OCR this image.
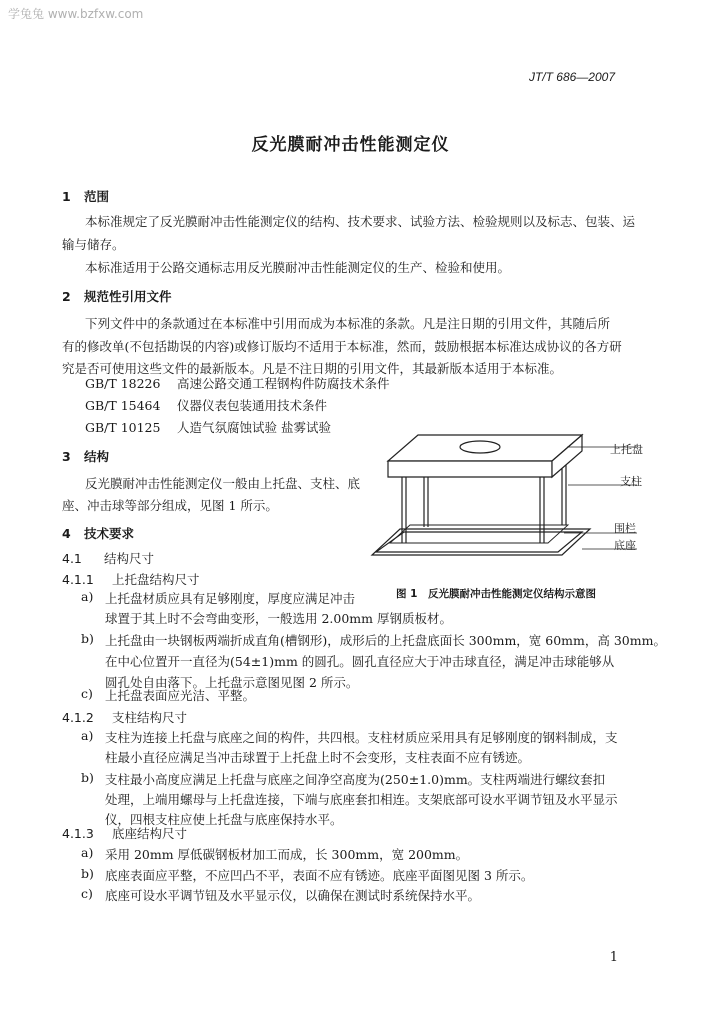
学兔兔 www.bzfxw.com
JT/T 686—2007
反光膜耐冲击性能测定仪
1 范围
本标准规定了反光膜耐冲击性能测定仪的结构、技术要求、试验方法、检验规则以及标志、包装、运
输与储存。
本标准适用于公路交通标志用反光膜耐冲击性能测定仪的生产、检验和使用。
2 规范性引用文件
下列文件中的条款通过在本标准中引用而成为本标准的条款。凡是注日期的引用文件，其随后所
有的修改单(不包括勘误的内容)或修订版均不适用于本标准，然而，鼓励根据本标准达成协议的各方研
究是否可使用这些文件的最新版本。凡是不注日期的引用文件，其最新版本适用于本标准。
GB/T 18226 高速公路交通工程钢构件防腐技术条件
GB/T 15464 仪器仪表包装通用技术条件
GB/T 10125 人造气氛腐蚀试验 盐雾试验
3 结构
反光膜耐冲击性能测定仪一般由上托盘、支柱、底
座、冲击球等部分组成，见图 1 所示。
上托盘
支柱
围栏
底座
图 1　反光膜耐冲击性能测定仪结构示意图
4 技术要求
4.1 结构尺寸
4.1.1 上托盘结构尺寸
a) 上托盘材质应具有足够刚度，厚度应满足冲击
球置于其上时不会弯曲变形，一般选用 2.00mm 厚钢质板材。
b) 上托盘由一块钢板两端折成直角(槽钢形)，成形后的上托盘底面长 300mm，宽 60mm，高 30mm。
在中心位置开一直径为(54±1)mm 的圆孔。圆孔直径应大于冲击球直径，满足冲击球能够从
圆孔处自由落下。上托盘示意图见图 2 所示。
c) 上托盘表面应光洁、平整。
4.1.2 支柱结构尺寸
a) 支柱为连接上托盘与底座之间的构件，共四根。支柱材质应采用具有足够刚度的钢料制成，支
柱最小直径应满足当冲击球置于上托盘上时不会变形，支柱表面不应有锈迹。
b) 支柱最小高度应满足上托盘与底座之间净空高度为(250±1.0)mm。支柱两端进行螺纹套扣
处理，上端用螺母与上托盘连接，下端与底座套扣相连。支架底部可设水平调节钮及水平显示
仪，四根支柱应使上托盘与底座保持水平。
4.1.3 底座结构尺寸
a) 采用 20mm 厚低碳钢板材加工而成，长 300mm，宽 200mm。
b) 底座表面应平整，不应凹凸不平，表面不应有锈迹。底座平面图见图 3 所示。
c) 底座可设水平调节钮及水平显示仪，以确保在测试时系统保持水平。
1
